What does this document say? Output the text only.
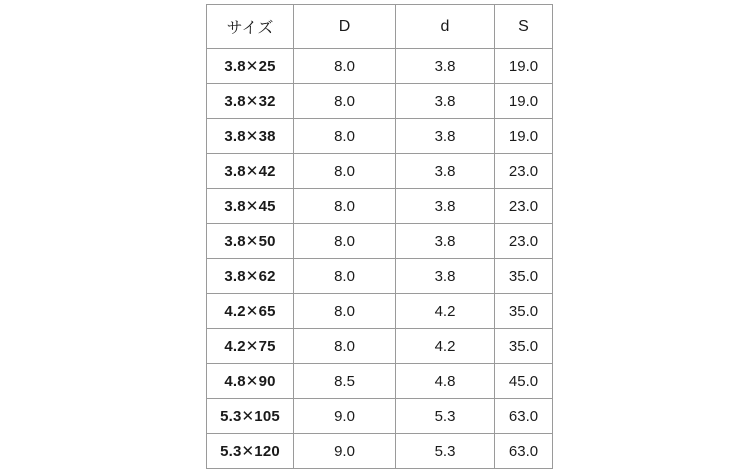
サイズ	D	d	S
3.8✕25	8.0	3.8	19.0
3.8✕32	8.0	3.8	19.0
3.8✕38	8.0	3.8	19.0
3.8✕42	8.0	3.8	23.0
3.8✕45	8.0	3.8	23.0
3.8✕50	8.0	3.8	23.0
3.8✕62	8.0	3.8	35.0
4.2✕65	8.0	4.2	35.0
4.2✕75	8.0	4.2	35.0
4.8✕90	8.5	4.8	45.0
5.3✕105	9.0	5.3	63.0
5.3✕120	9.0	5.3	63.0
